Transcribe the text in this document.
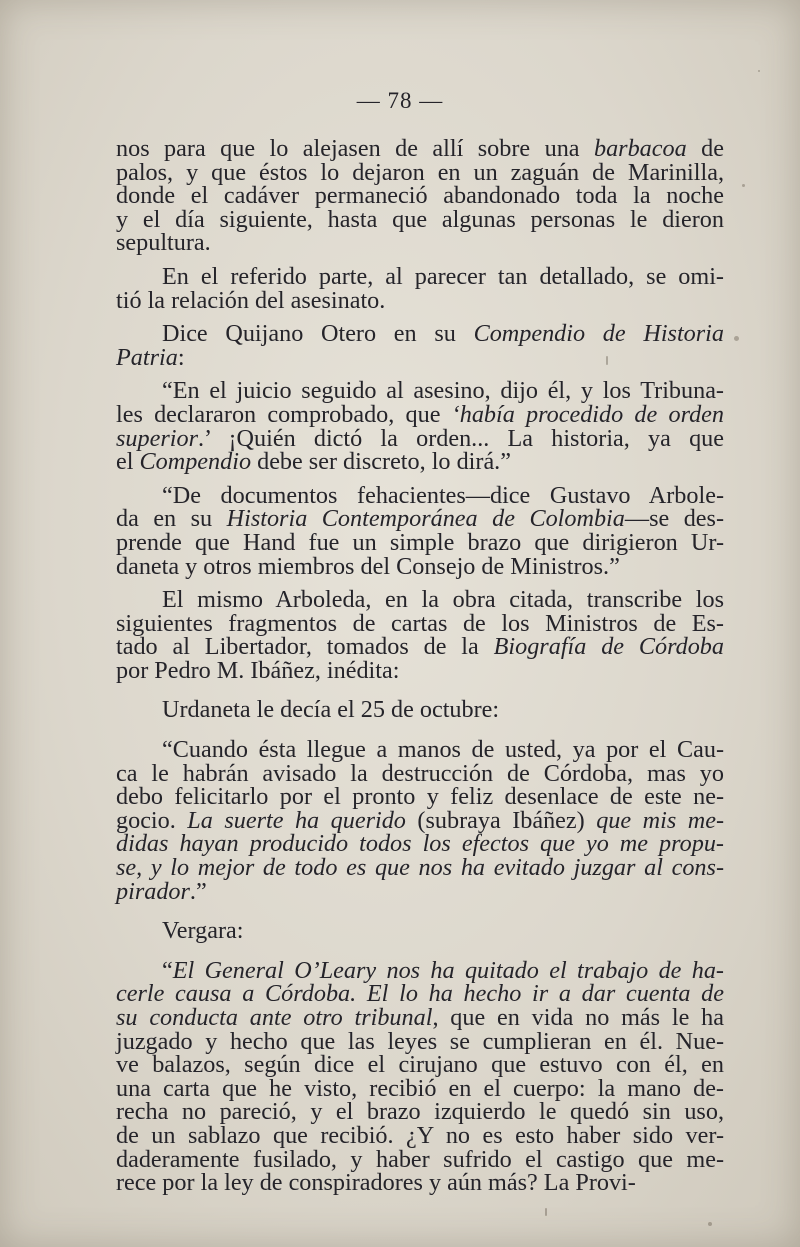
— 78 —

nos para que lo alejasen de allí sobre una barbacoa de
palos, y que éstos lo dejaron en un zaguán de Marinilla,
donde el cadáver permaneció abandonado toda la noche
y el día siguiente, hasta que algunas personas le dieron
sepultura.

En el referido parte, al parecer tan detallado, se omi-
tió la relación del asesinato.

Dice Quijano Otero en su Compendio de Historia
Patria:

“En el juicio seguido al asesino, dijo él, y los Tribuna-
les declararon comprobado, que ‘había procedido de orden
superior.’ ¡Quién dictó la orden... La historia, ya que
el Compendio debe ser discreto, lo dirá.”

“De documentos fehacientes—dice Gustavo Arbole-
da en su Historia Contemporánea de Colombia—se des-
prende que Hand fue un simple brazo que dirigieron Ur-
daneta y otros miembros del Consejo de Ministros.”

El mismo Arboleda, en la obra citada, transcribe los
siguientes fragmentos de cartas de los Ministros de Es-
tado al Libertador, tomados de la Biografía de Córdoba
por Pedro M. Ibáñez, inédita:

Urdaneta le decía el 25 de octubre:

“Cuando ésta llegue a manos de usted, ya por el Cau-
ca le habrán avisado la destrucción de Córdoba, mas yo
debo felicitarlo por el pronto y feliz desenlace de este ne-
gocio. La suerte ha querido (subraya Ibáñez) que mis me-
didas hayan producido todos los efectos que yo me propu-
se, y lo mejor de todo es que nos ha evitado juzgar al cons-
pirador.”

Vergara:

“El General O’Leary nos ha quitado el trabajo de ha-
cerle causa a Córdoba. El lo ha hecho ir a dar cuenta de
su conducta ante otro tribunal, que en vida no más le ha
juzgado y hecho que las leyes se cumplieran en él. Nue-
ve balazos, según dice el cirujano que estuvo con él, en
una carta que he visto, recibió en el cuerpo: la mano de-
recha no pareció, y el brazo izquierdo le quedó sin uso,
de un sablazo que recibió. ¿Y no es esto haber sido ver-
daderamente fusilado, y haber sufrido el castigo que me-
rece por la ley de conspiradores y aún más? La Provi-
